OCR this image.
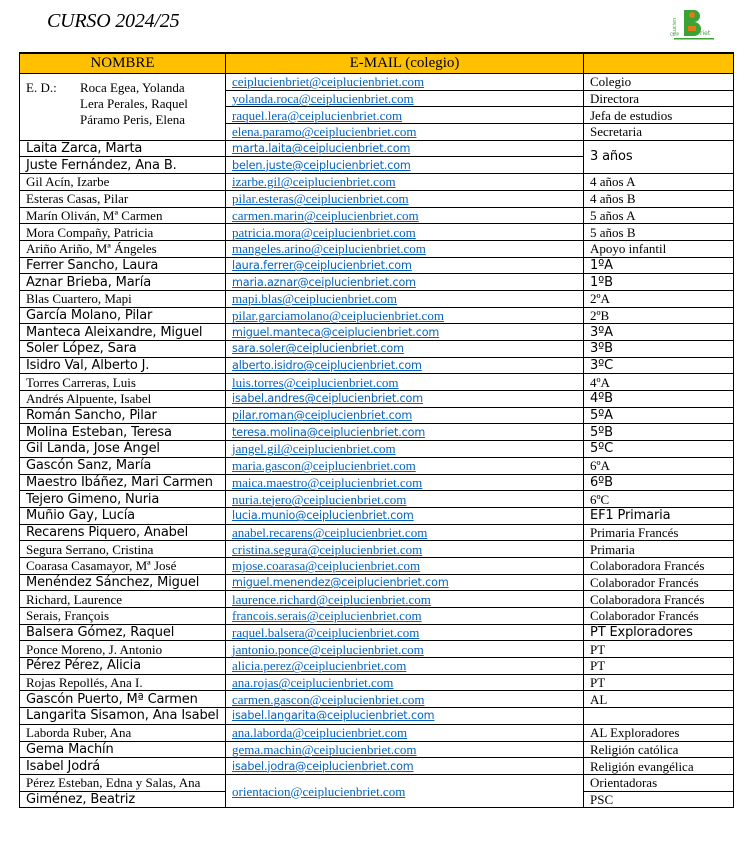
CURSO 2024/25	Lucien
CEIP	riet
NOMBRE	E-MAIL (colegio)	

E. D.: Roca Egea, Yolanda
Lera Perales, Raquel
Páramo Peris, Elena	ceiplucienbriet@ceiplucienbriet.com	Colegio
	yolanda.roca@ceiplucienbriet.com	Directora
	raquel.lera@ceiplucienbriet.com	Jefa de estudios
	elena.paramo@ceiplucienbriet.com	Secretaria
Laita Zarca, Marta	marta.laita@ceiplucienbriet.com	3 años
Juste Fernández, Ana B.	belen.juste@ceiplucienbriet.com	
Gil Acín, Izarbe	izarbe.gil@ceiplucienbriet.com	4 años A
Esteras Casas, Pilar	pilar.esteras@ceiplucienbriet.com	4 años B
Marín Oliván, Mª Carmen	carmen.marin@ceiplucienbriet.com	5 años A
Mora Compañy, Patricia	patricia.mora@ceiplucienbriet.com	5 años B
Ariño Ariño, Mª Ángeles	mangeles.arino@ceiplucienbriet.com	Apoyo infantil
Ferrer Sancho, Laura	laura.ferrer@ceiplucienbriet.com	1ºA
Aznar Brieba, María	maria.aznar@ceiplucienbriet.com	1ºB
Blas Cuartero, Mapi	mapi.blas@ceiplucienbriet.com	2ºA
García Molano, Pilar	pilar.garciamolano@ceiplucienbriet.com	2ºB
Manteca Aleixandre, Miguel	miguel.manteca@ceiplucienbriet.com	3ºA
Soler López, Sara	sara.soler@ceiplucienbriet.com	3ºB
Isidro Val, Alberto J.	alberto.isidro@ceiplucienbriet.com	3ºC
Torres Carreras, Luis	luis.torres@ceiplucienbriet.com	4ºA
Andrés Alpuente, Isabel	isabel.andres@ceiplucienbriet.com	4ºB
Román Sancho, Pilar	pilar.roman@ceiplucienbriet.com	5ºA
Molina Esteban, Teresa	teresa.molina@ceiplucienbriet.com	5ºB
Gil Landa, Jose Ángel	jangel.gil@ceiplucienbriet.com	5ºC
Gascón Sanz, María	maria.gascon@ceiplucienbriet.com	6ºA
Maestro Ibáñez, Mari Carmen	maica.maestro@ceiplucienbriet.com	6ºB
Tejero Gimeno, Nuria	nuria.tejero@ceiplucienbriet.com	6ºC
Muñio Gay, Lucía	lucia.munio@ceiplucienbriet.com	EF1 Primaria
Recarens Piquero, Anabel	anabel.recarens@ceiplucienbriet.com	Primaria Francés
Segura Serrano, Cristina	cristina.segura@ceiplucienbriet.com	Primaria
Coarasa Casamayor, Mª José	mjose.coarasa@ceiplucienbriet.com	Colaboradora Francés
Menéndez Sánchez, Miguel	miguel.menendez@ceiplucienbriet.com	Colaborador Francés
Richard, Laurence	laurence.richard@ceiplucienbriet.com	Colaboradora Francés
Serais, François	francois.serais@ceiplucienbriet.com	Colaborador Francés
Balsera Gómez, Raquel	raquel.balsera@ceiplucienbriet.com	PT Exploradores
Ponce Moreno, J. Antonio	jantonio.ponce@ceiplucienbriet.com	PT
Pérez Pérez, Alicia	alicia.perez@ceiplucienbriet.com	PT
Rojas Repollés, Ana I.	ana.rojas@ceiplucienbriet.com	PT
Gascón Puerto, Mª Carmen	carmen.gascon@ceiplucienbriet.com	AL
Langarita Sisamon, Ana Isabel	isabel.langarita@ceiplucienbriet.com	
Laborda Ruber, Ana	ana.laborda@ceiplucienbriet.com	AL Exploradores
Gema Machín	gema.machin@ceiplucienbriet.com	Religión católica
Isabel Jodrá	isabel.jodra@ceiplucienbriet.com	Religión evangélica
Pérez Esteban, Edna y Salas, Ana	orientacion@ceiplucienbriet.com	Orientadoras
Giménez, Beatriz		PSC
